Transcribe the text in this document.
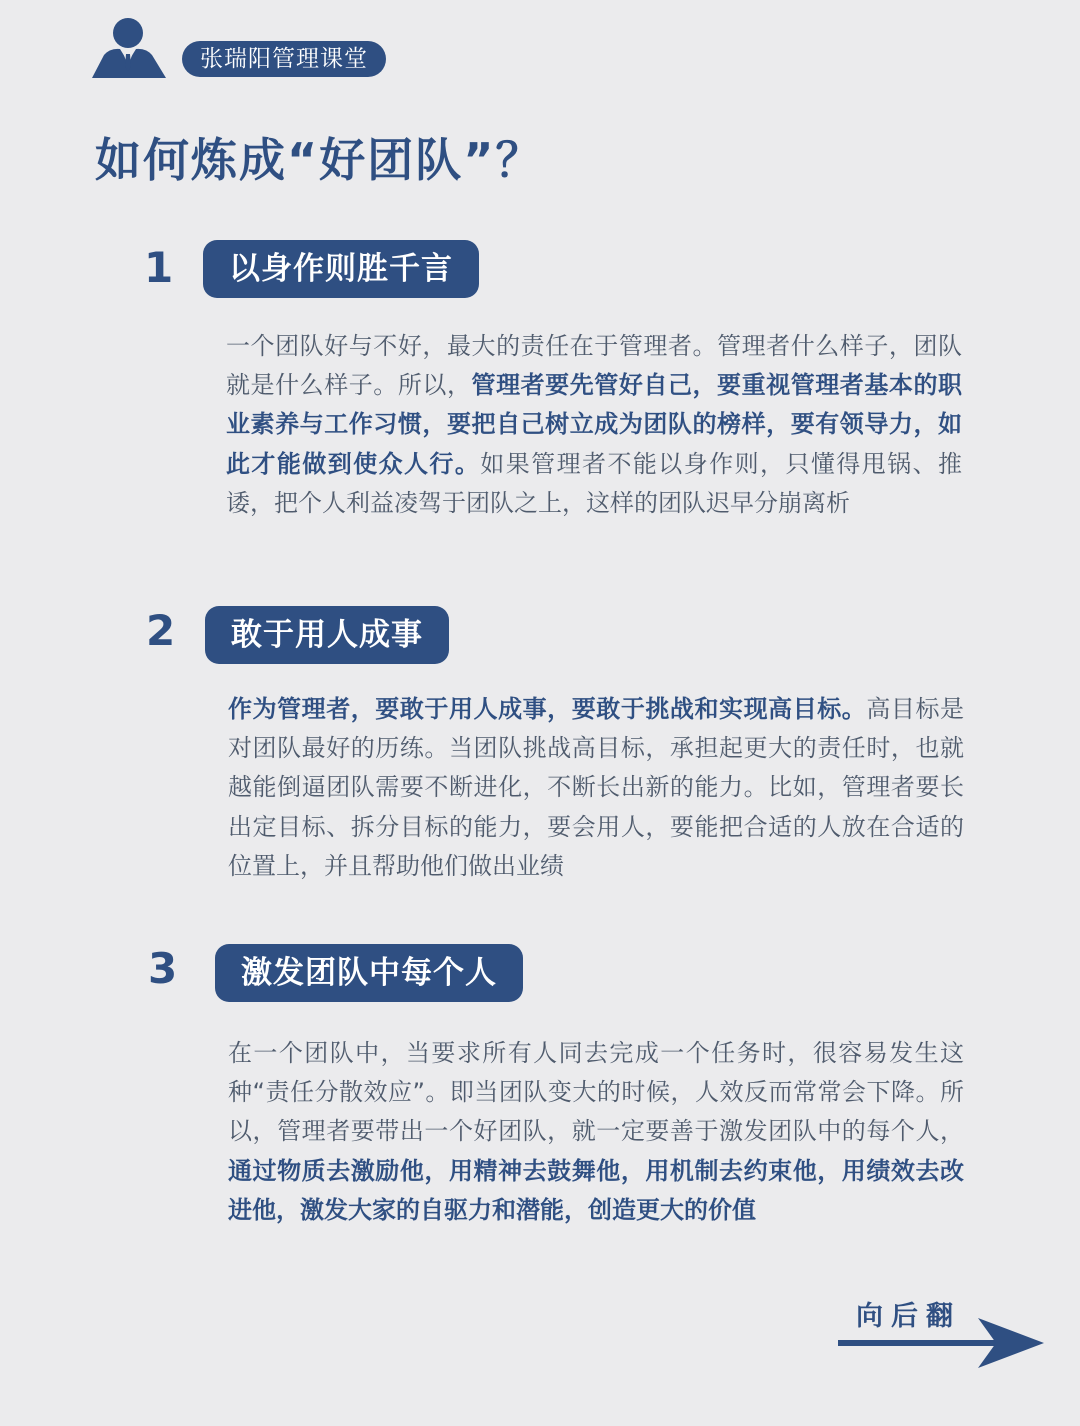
张瑞阳管理课堂
如何炼成“好团队”？
1	以身作则胜千言

一个团队好与不好，最大的责任在于管理者。管理者什么样子，团队就是什么样子。所以，管理者要先管好自己，要重视管理者基本的职业素养与工作习惯，要把自己树立成为团队的榜样，要有领导力，如此才能做到使众人行。如果管理者不能以身作则，只懂得甩锅、推诿，把个人利益凌驾于团队之上，这样的团队迟早分崩离析

2	敢于用人成事

作为管理者，要敢于用人成事，要敢于挑战和实现高目标。高目标是对团队最好的历练。当团队挑战高目标，承担起更大的责任时，也就越能倒逼团队需要不断进化，不断长出新的能力。比如，管理者要长出定目标、拆分目标的能力，要会用人，要能把合适的人放在合适的位置上，并且帮助他们做出业绩

3	激发团队中每个人

在一个团队中，当要求所有人同去完成一个任务时，很容易发生这种“责任分散效应”。即当团队变大的时候，人效反而常常会下降。所以，管理者要带出一个好团队，就一定要善于激发团队中的每个人，通过物质去激励他，用精神去鼓舞他，用机制去约束他，用绩效去改进他，激发大家的自驱力和潜能，创造更大的价值

向后翻
